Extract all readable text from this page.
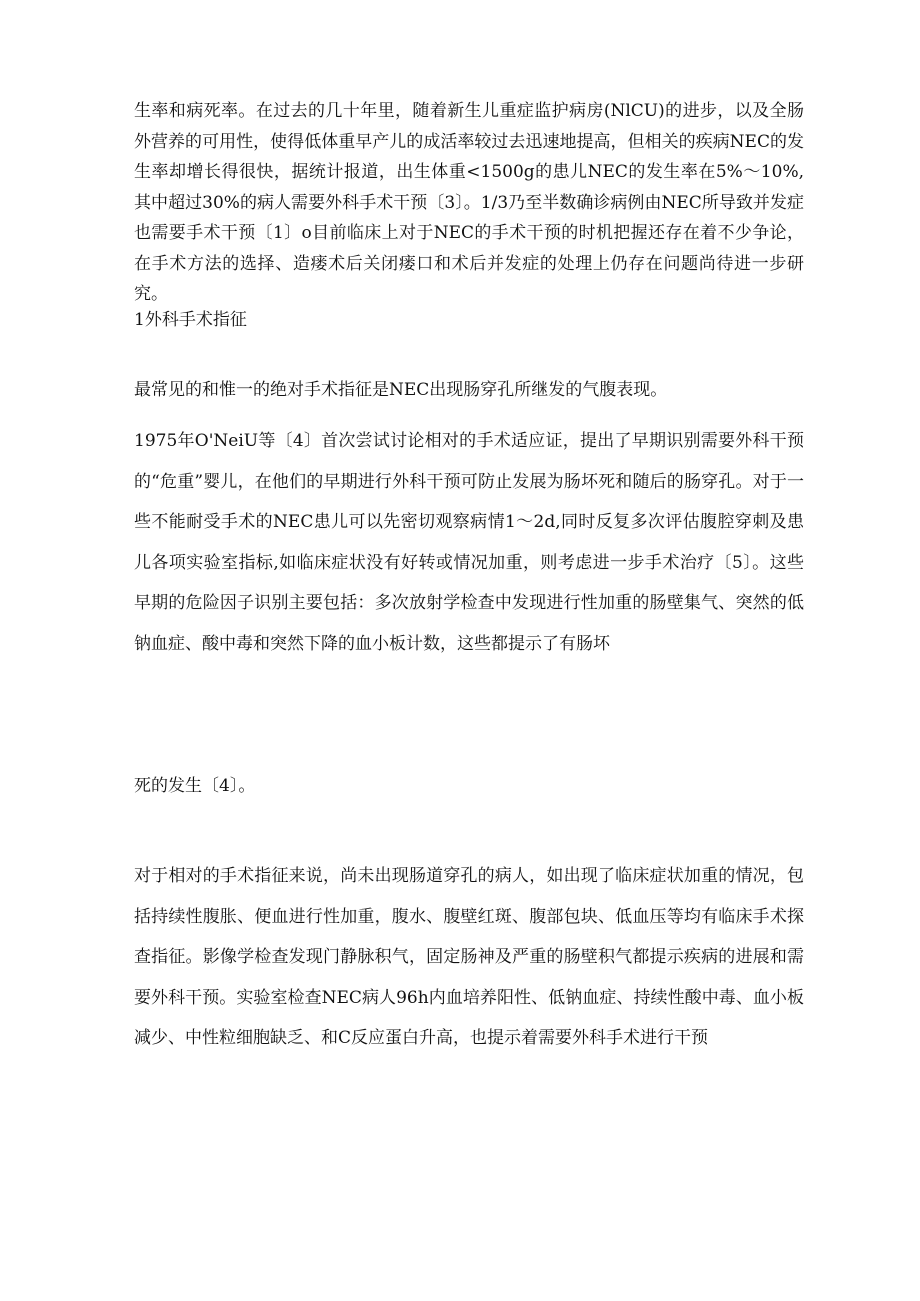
生率和病死率。在过去的几十年里，随着新生儿重症监护病房(NlCU)的进步，以及全肠外营养的可用性，使得低体重早产儿的成活率较过去迅速地提高，但相关的疾病NEC的发生率却增长得很快，据统计报道，出生体重<1500g的患儿NEC的发生率在5%～10%,其中超过30%的病人需要外科手术干预〔3〕。1/3乃至半数确诊病例由NEC所导致并发症也需要手术干预〔1〕o目前临床上对于NEC的手术干预的时机把握还存在着不少争论，在手术方法的选择、造瘘术后关闭瘘口和术后并发症的处理上仍存在问题尚待进一步研究。

1外科手术指征

最常见的和惟一的绝对手术指征是NEC出现肠穿孔所继发的气腹表现。

1975年O'NeiU等〔4〕首次尝试讨论相对的手术适应证，提出了早期识别需要外科干预的“危重”婴儿，在他们的早期进行外科干预可防止发展为肠坏死和随后的肠穿孔。对于一些不能耐受手术的NEC患儿可以先密切观察病情1～2d,同时反复多次评估腹腔穿刺及患儿各项实验室指标,如临床症状没有好转或情况加重，则考虑进一步手术治疗〔5〕。这些早期的危险因子识别主要包括：多次放射学检查中发现进行性加重的肠壁集气、突然的低钠血症、酸中毒和突然下降的血小板计数，这些都提示了有肠坏

死的发生〔4〕。

对于相对的手术指征来说，尚未出现肠道穿孔的病人，如出现了临床症状加重的情况，包括持续性腹胀、便血进行性加重，腹水、腹壁红斑、腹部包块、低血压等均有临床手术探查指征。影像学检查发现门静脉积气，固定肠神及严重的肠壁积气都提示疾病的进展和需要外科干预。实验室检查NEC病人96h内血培养阳性、低钠血症、持续性酸中毒、血小板减少、中性粒细胞缺乏、和C反应蛋白升高，也提示着需要外科手术进行干预
